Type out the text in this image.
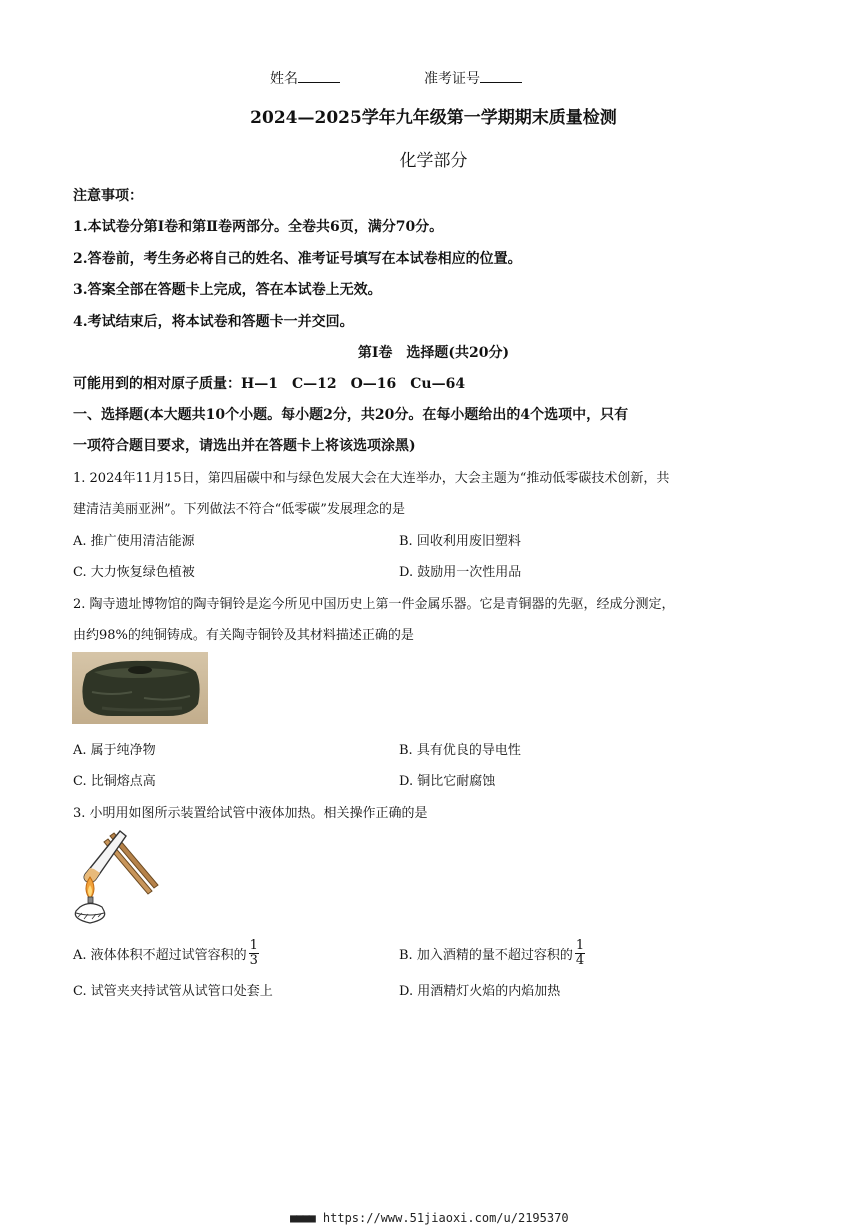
姓名	准考证号
2024—2025学年九年级第一学期期末质量检测
化学部分
注意事项：
1.本试卷分第Ⅰ卷和第Ⅱ卷两部分。全卷共6页，满分70分。
2.答卷前，考生务必将自己的姓名、准考证号填写在本试卷相应的位置。
3.答案全部在答题卡上完成，答在本试卷上无效。
4.考试结束后，将本试卷和答题卡一并交回。
第Ⅰ卷　选择题(共20分)
可能用到的相对原子质量：H—1　C—12　O—16　Cu—64
一、选择题(本大题共10个小题。每小题2分，共20分。在每小题给出的4个选项中，只有
一项符合题目要求，请选出并在答题卡上将该选项涂黑)
1. 2024年11月15日，第四届碳中和与绿色发展大会在大连举办，大会主题为“推动低零碳技术创新，共
建清洁美丽亚洲”。下列做法不符合“低零碳”发展理念的是
A. 推广使用清洁能源	B. 回收利用废旧塑料
C. 大力恢复绿色植被	D. 鼓励用一次性用品
2. 陶寺遗址博物馆的陶寺铜铃是迄今所见中国历史上第一件金属乐器。它是青铜器的先驱，经成分测定，
由约98%的纯铜铸成。有关陶寺铜铃及其材料描述正确的是
A. 属于纯净物	B. 具有优良的导电性
C. 比铜熔点高	D. 铜比它耐腐蚀
3. 小明用如图所示装置给试管中液体加热。相关操作正确的是
A. 液体体积不超过试管容积的 $\frac{1}{3}$	B. 加入酒精的量不超过容积的 $\frac{1}{4}$
C. 试管夹夹持试管从试管口处套上	D. 用酒精灯火焰的内焰加热
■■■■ https://www.51jiaoxi.com/u/2195370
